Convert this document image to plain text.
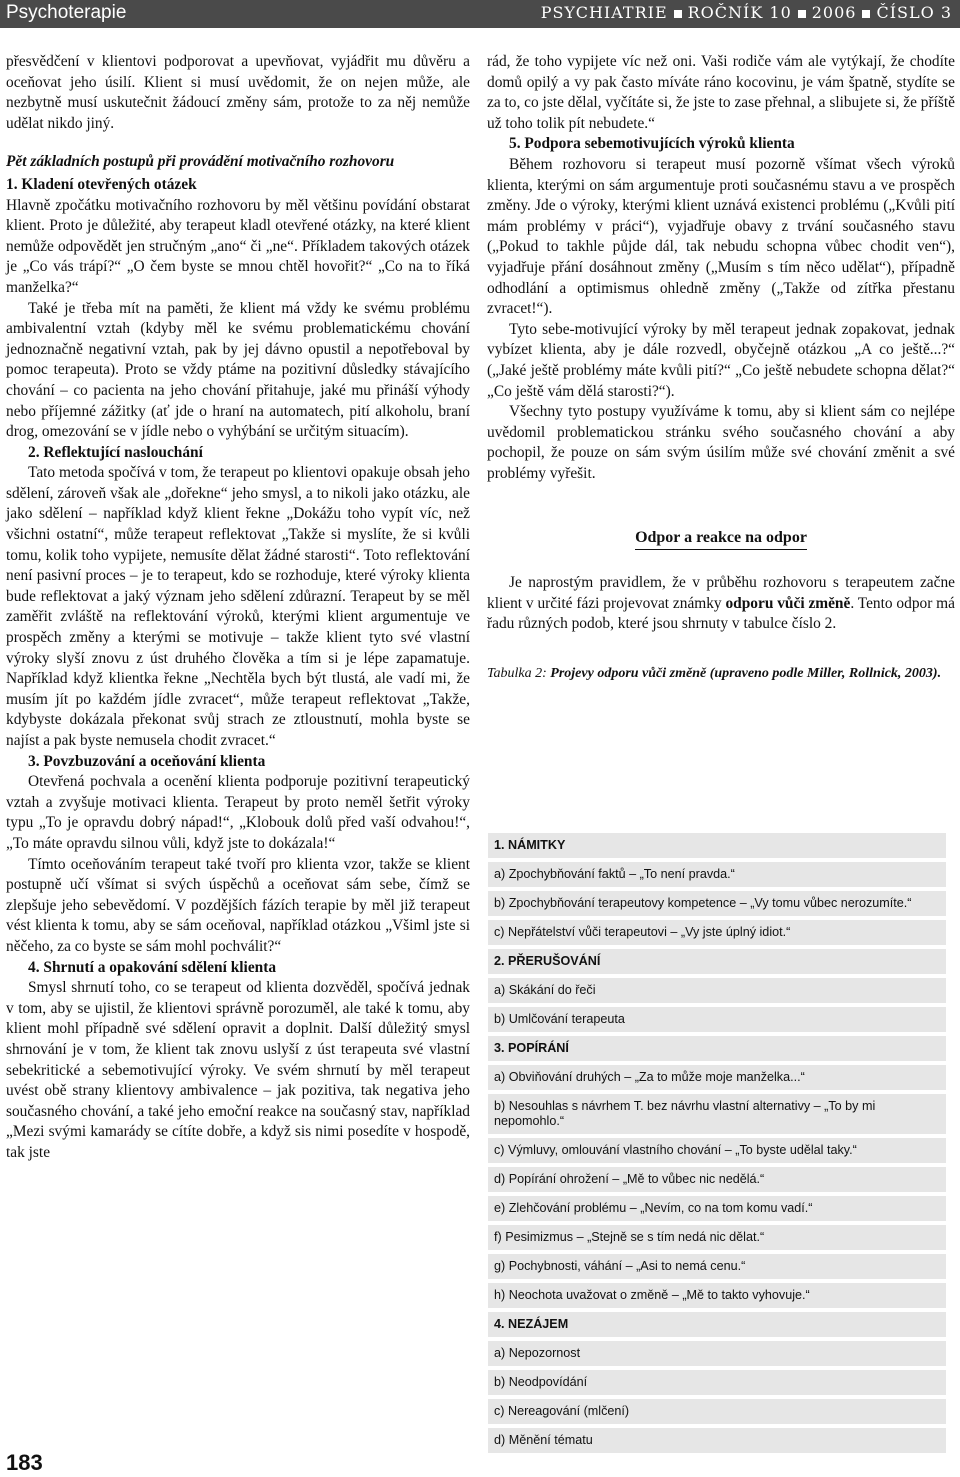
Psychoterapie	PSYCHIATRIE ROČNÍK 10 2006 ČÍSLO 3

přesvědčení v klientovi podporovat a upevňovat, vyjádřit mu důvěru a oceňovat jeho úsilí. Klient si musí uvědomit, že on nejen může, ale nezbytně musí uskutečnit žádoucí změny sám, protože to za něj nemůže udělat nikdo jiný.

Pět základních postupů při provádění motivačního rozhovoru

1. Kladení otevřených otázek

Hlavně zpočátku motivačního rozhovoru by měl většinu povídání obstarat klient. Proto je důležité, aby terapeut kladl otevřené otázky, na které klient nemůže odpovědět jen stručným „ano“ či „ne“. Příkladem takových otázek je „Co vás trápí?“ „O čem byste se mnou chtěl hovořit?“ „Co na to říká manželka?“

Také je třeba mít na paměti, že klient má vždy ke svému problému ambivalentní vztah (kdyby měl ke svému problematickému chování jednoznačně negativní vztah, pak by jej dávno opustil a nepotřeboval by pomoc terapeuta). Proto se vždy ptáme na pozitivní důsledky stávajícího chování – co pacienta na jeho chování přitahuje, jaké mu přináší výhody nebo příjemné zážitky (ať jde o hraní na automatech, pití alkoholu, braní drog, omezování se v jídle nebo o vyhýbání se určitým situacím).

2. Reflektující naslouchání

Tato metoda spočívá v tom, že terapeut po klientovi opakuje obsah jeho sdělení, zároveň však ale „dořekne“ jeho smysl, a to nikoli jako otázku, ale jako sdělení – například když klient řekne „Dokážu toho vypít víc, než všichni ostatní“, může terapeut reflektovat „Takže si myslíte, že si kvůli tomu, kolik toho vypijete, nemusíte dělat žádné starosti“. Toto reflektování není pasivní proces – je to terapeut, kdo se rozhoduje, které výroky klienta bude reflektovat a jaký význam jeho sdělení zdůrazní. Terapeut by se měl zaměřit zvláště na reflektování výroků, kterými klient argumentuje ve prospěch změny a kterými se motivuje – takže klient tyto své vlastní výroky slyší znovu z úst druhého člověka a tím si je lépe zapamatuje. Například když klientka řekne „Nechtěla bych být tlustá, ale vadí mi, že musím jít po každém jídle zvracet“, může terapeut reflektovat „Takže, kdybyste dokázala překonat svůj strach ze ztloustnutí, mohla byste se najíst a pak byste nemusela chodit zvracet.“

3. Povzbuzování a oceňování klienta

Otevřená pochvala a ocenění klienta podporuje pozitivní terapeutický vztah a zvyšuje motivaci klienta. Terapeut by proto neměl šetřit výroky typu „To je opravdu dobrý nápad!“, „Klobouk dolů před vaší odvahou!“, „To máte opravdu silnou vůli, když jste to dokázala!“

Tímto oceňováním terapeut také tvoří pro klienta vzor, takže se klient postupně učí všímat si svých úspěchů a oceňovat sám sebe, čímž se zlepšuje jeho sebevědomí. V pozdějších fázích terapie by měl již terapeut vést klienta k tomu, aby se sám oceňoval, například otázkou „Všiml jste si něčeho, za co byste se sám mohl pochválit?“

4. Shrnutí a opakování sdělení klienta

Smysl shrnutí toho, co se terapeut od klienta dozvěděl, spočívá jednak v tom, aby se ujistil, že klientovi správně porozuměl, ale také k tomu, aby klient mohl případně své sdělení opravit a doplnit. Další důležitý smysl shrnování je v tom, že klient tak znovu uslyší z úst terapeuta své vlastní sebekritické a sebemotivující výroky. Ve svém shrnutí by měl terapeut uvést obě strany klientovy ambivalence – jak pozitiva, tak negativa jeho současného chování, a také jeho emoční reakce na současný stav, například „Mezi svými kamarády se cítíte dobře, a když sis nimi posedíte v hospodě, tak jste

rád, že toho vypijete víc než oni. Vaši rodiče vám ale vytýkají, že chodíte domů opilý a vy pak často míváte ráno kocovinu, je vám špatně, stydíte se za to, co jste dělal, vyčítáte si, že jste to zase přehnal, a slibujete si, že příště už toho tolik pít nebudete.“

5. Podpora sebemotivujících výroků klienta

Během rozhovoru si terapeut musí pozorně všímat všech výroků klienta, kterými on sám argumentuje proti současnému stavu a ve prospěch změny. Jde o výroky, kterými klient uznává existenci problému („Kvůli pití mám problémy v práci“), vyjadřuje obavy z trvání současného stavu („Pokud to takhle půjde dál, tak nebudu schopna vůbec chodit ven“), vyjadřuje přání dosáhnout změny („Musím s tím něco udělat“), případně odhodlání a optimismus ohledně změny („Takže od zítřka přestanu zvracet!“).

Tyto sebe-motivující výroky by měl terapeut jednak zopakovat, jednak vybízet klienta, aby je dále rozvedl, obyčejně otázkou „A co ještě...?“ („Jaké ještě problémy máte kvůli pití?“ „Co ještě nebudete schopna dělat?“ „Co ještě vám dělá starosti?“).

Všechny tyto postupy využíváme k tomu, aby si klient sám co nejlépe uvědomil problematickou stránku svého současného chování a aby pochopil, že pouze on sám svým úsilím může své chování změnit a své problémy vyřešit.

Odpor a reakce na odpor

Je naprostým pravidlem, že v průběhu rozhovoru s terapeutem začne klient v určité fázi projevovat známky odporu vůči změně. Tento odpor má řadu různých podob, které jsou shrnuty v tabulce číslo 2.

Tabulka 2: Projevy odporu vůči změně (upraveno podle Miller, Rollnick, 2003).

1. NÁMITKY
a) Zpochybňování faktů – „To není pravda.“
b) Zpochybňování terapeutovy kompetence – „Vy tomu vůbec nerozumíte.“
c) Nepřátelství vůči terapeutovi – „Vy jste úplný idiot.“
2. PŘERUŠOVÁNÍ
a) Skákání do řeči
b) Umlčování terapeuta
3. POPÍRÁNÍ
a) Obviňování druhých – „Za to může moje manželka...“
b) Nesouhlas s návrhem T. bez návrhu vlastní alternativy – „To by mi nepomohlo.“
c) Výmluvy, omlouvání vlastního chování – „To byste udělal taky.“
d) Popírání ohrožení – „Mě to vůbec nic nedělá.“
e) Zlehčování problému – „Nevím, co na tom komu vadí.“
f) Pesimizmus – „Stejně se s tím nedá nic dělat.“
g) Pochybnosti, váhání – „Asi to nemá cenu.“
h) Neochota uvažovat o změně – „Mě to takto vyhovuje.“
4. NEZÁJEM
a) Nepozornost
b) Neodpovídání
c) Nereagování (mlčení)
d) Měnění tématu
183
